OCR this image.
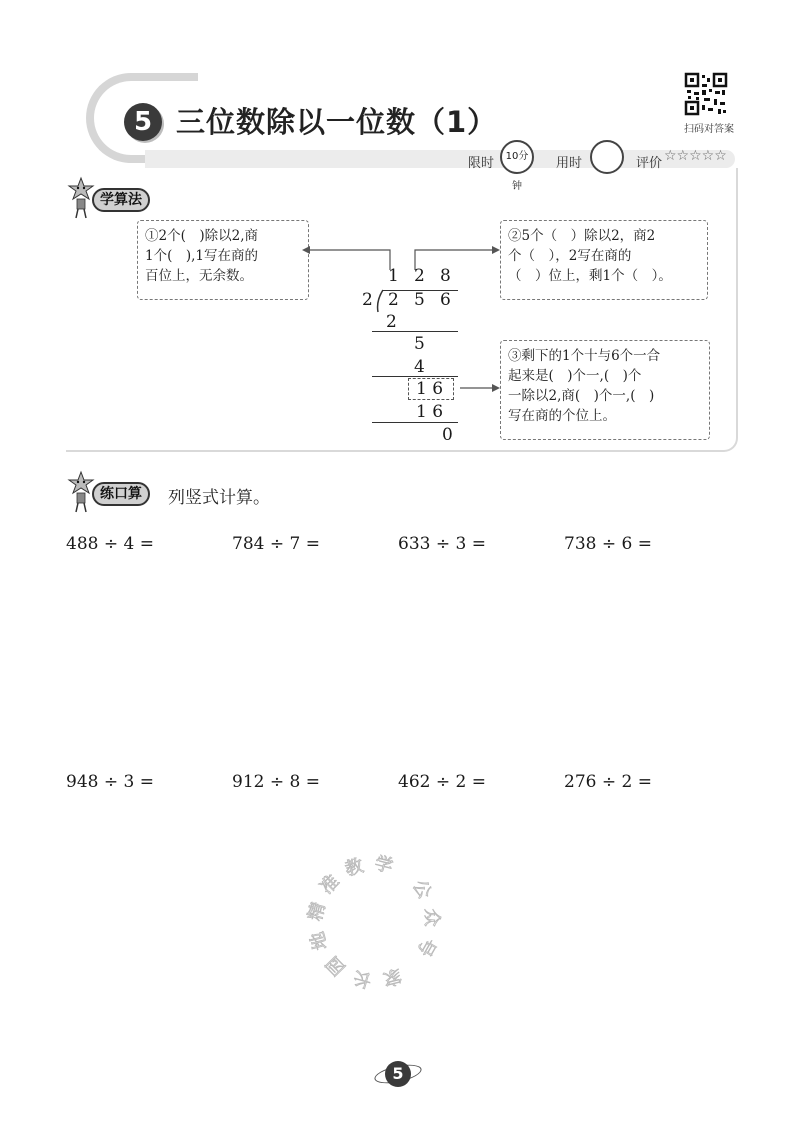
5 三位数除以一位数（1）	扫码对答案
限时	10分钟
用时	评价 ☆☆☆☆☆
学算法
①2个(　)除以2,商
1个(　),1写在商的
百位上，无余数。
②5个（　）除以2，商2
个（　），2写在商的
（　）位上，剩1个（　）。
③剩下的1个十与6个一合
起来是(　)个一,(　)个
一除以2,商(　)个一,(　)
写在商的个位上。
1 2 8
2 2 5 6
2
5
4
1 6
1 6
0
练口算	列竖式计算。
488 ÷ 4 =	784 ÷ 7 =	633 ÷ 3 =	738 ÷ 6 =
948 ÷ 3 =	912 ÷ 8 =	462 ÷ 2 =	276 ÷ 2 =
精准教学 公众号 家长园地
5
